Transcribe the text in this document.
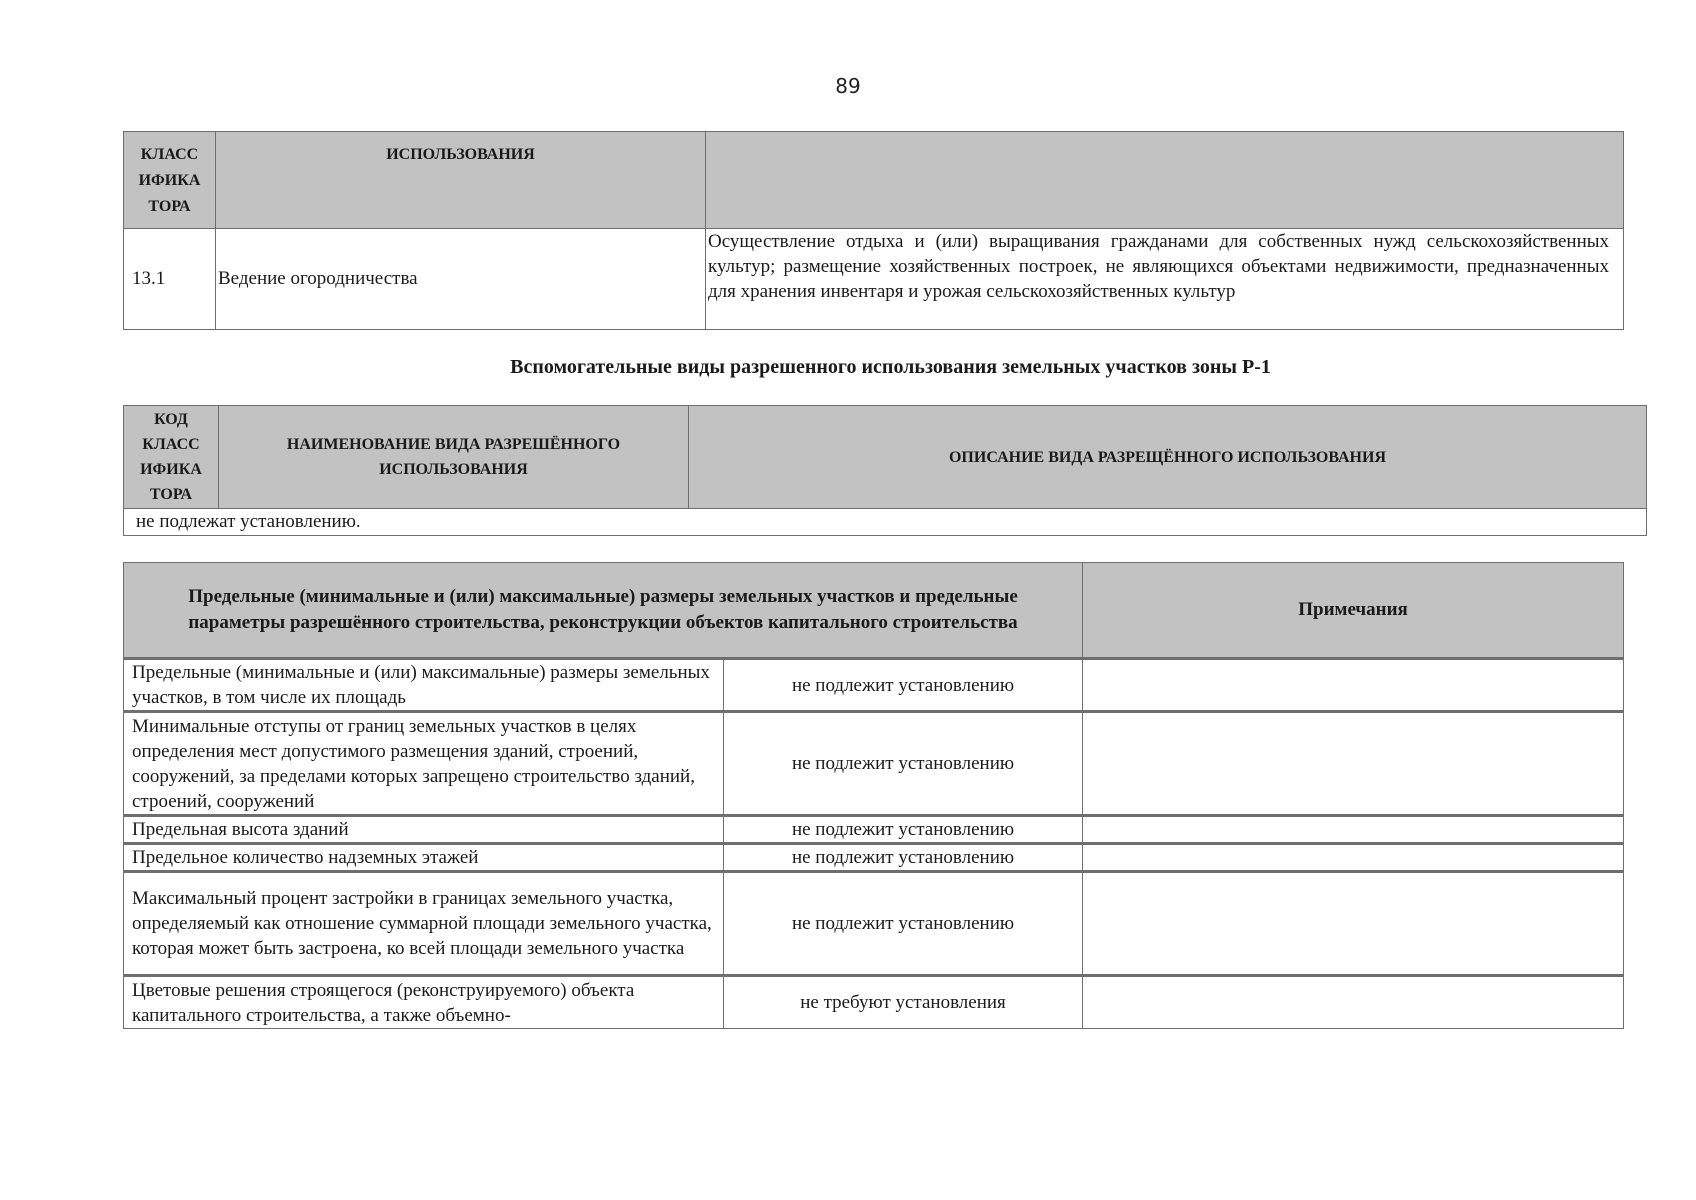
89
КЛАСС ИФИКА ТОРА	ИСПОЛЬЗОВАНИЯ	
13.1	Ведение огородничества	Осуществление отдыха и (или) выращивания гражданами для собственных нужд сельскохозяйственных культур; размещение хозяйственных построек, не являющихся объектами недвижимости, предназначенных для хранения инвентаря и урожая сельскохозяйственных культур
Вспомогательные виды разрешенного использования земельных участков зоны Р-1
КОД КЛАСС ИФИКА ТОРА	НАИМЕНОВАНИЕ ВИДА РАЗРЕШЁННОГО ИСПОЛЬЗОВАНИЯ	ОПИСАНИЕ ВИДА РАЗРЕЩЁННОГО ИСПОЛЬЗОВАНИЯ
не подлежат установлению.
Предельные (минимальные и (или) максимальные) размеры земельных участков и предельные параметры разрешённого строительства, реконструкции объектов капитального строительства		Примечания
Предельные (минимальные и (или) максимальные) размеры земельных участков, в том числе их площадь	не подлежит установлению	
Минимальные отступы от границ земельных участков в целях определения мест допустимого размещения зданий, строений, сооружений, за пределами которых запрещено строительство зданий, строений, сооружений	не подлежит установлению	
Предельная высота зданий	не подлежит установлению	
Предельное количество надземных этажей	не подлежит установлению	
Максимальный процент застройки в границах земельного участка, определяемый как отношение суммарной площади земельного участка, которая может быть застроена, ко всей площади земельного участка	не подлежит установлению	
Цветовые решения строящегося (реконструируемого) объекта капитального строительства, а также объемно-	не требуют установления	
